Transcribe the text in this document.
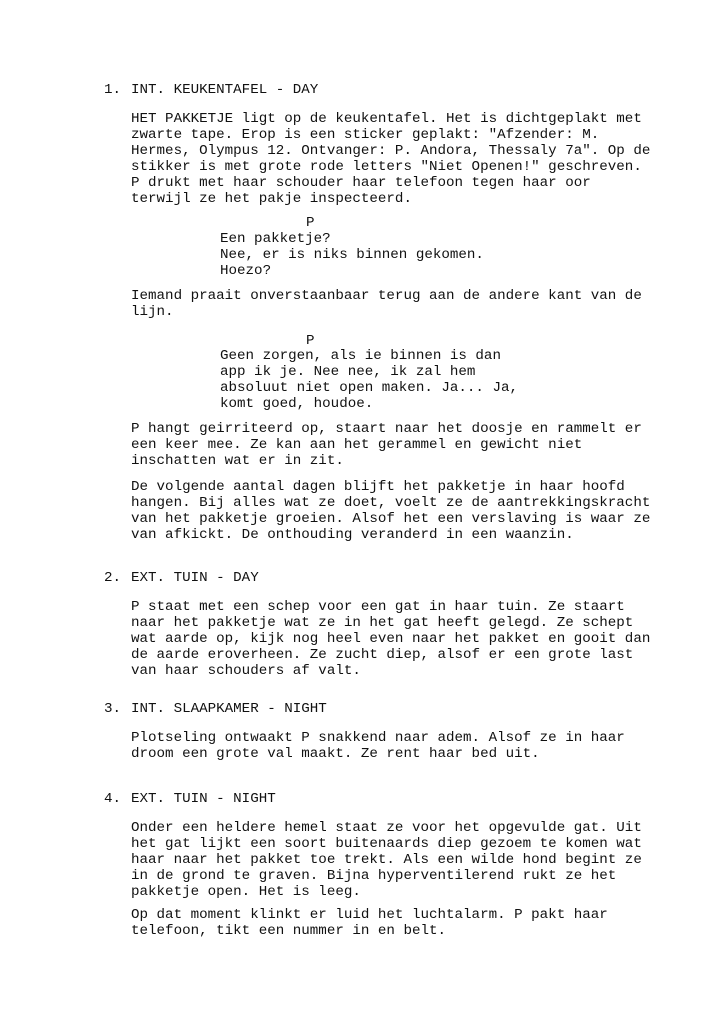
1. INT. KEUKENTAFEL - DAY

HET PAKKETJE ligt op de keukentafel. Het is dichtgeplakt met
zwarte tape. Erop is een sticker geplakt: "Afzender: M.
Hermes, Olympus 12. Ontvanger: P. Andora, Thessaly 7a". Op de
stikker is met grote rode letters "Niet Openen!" geschreven.
P drukt met haar schouder haar telefoon tegen haar oor
terwijl ze het pakje inspecteerd.

P

Een pakketje?
Nee, er is niks binnen gekomen.
Hoezo?

Iemand praait onverstaanbaar terug aan de andere kant van de
lijn.

P

Geen zorgen, als ie binnen is dan
app ik je. Nee nee, ik zal hem
absoluut niet open maken. Ja... Ja,
komt goed, houdoe.

P hangt geirriteerd op, staart naar het doosje en rammelt er
een keer mee. Ze kan aan het gerammel en gewicht niet
inschatten wat er in zit.

De volgende aantal dagen blijft het pakketje in haar hoofd
hangen. Bij alles wat ze doet, voelt ze de aantrekkingskracht
van het pakketje groeien. Alsof het een verslaving is waar ze
van afkickt. De onthouding veranderd in een waanzin.

2. EXT. TUIN - DAY

P staat met een schep voor een gat in haar tuin. Ze staart
naar het pakketje wat ze in het gat heeft gelegd. Ze schept
wat aarde op, kijk nog heel even naar het pakket en gooit dan
de aarde eroverheen. Ze zucht diep, alsof er een grote last
van haar schouders af valt.

3. INT. SLAAPKAMER - NIGHT

Plotseling ontwaakt P snakkend naar adem. Alsof ze in haar
droom een grote val maakt. Ze rent haar bed uit.

4. EXT. TUIN - NIGHT

Onder een heldere hemel staat ze voor het opgevulde gat. Uit
het gat lijkt een soort buitenaards diep gezoem te komen wat
haar naar het pakket toe trekt. Als een wilde hond begint ze
in de grond te graven. Bijna hyperventilerend rukt ze het
pakketje open. Het is leeg.

Op dat moment klinkt er luid het luchtalarm. P pakt haar
telefoon, tikt een nummer in en belt.
